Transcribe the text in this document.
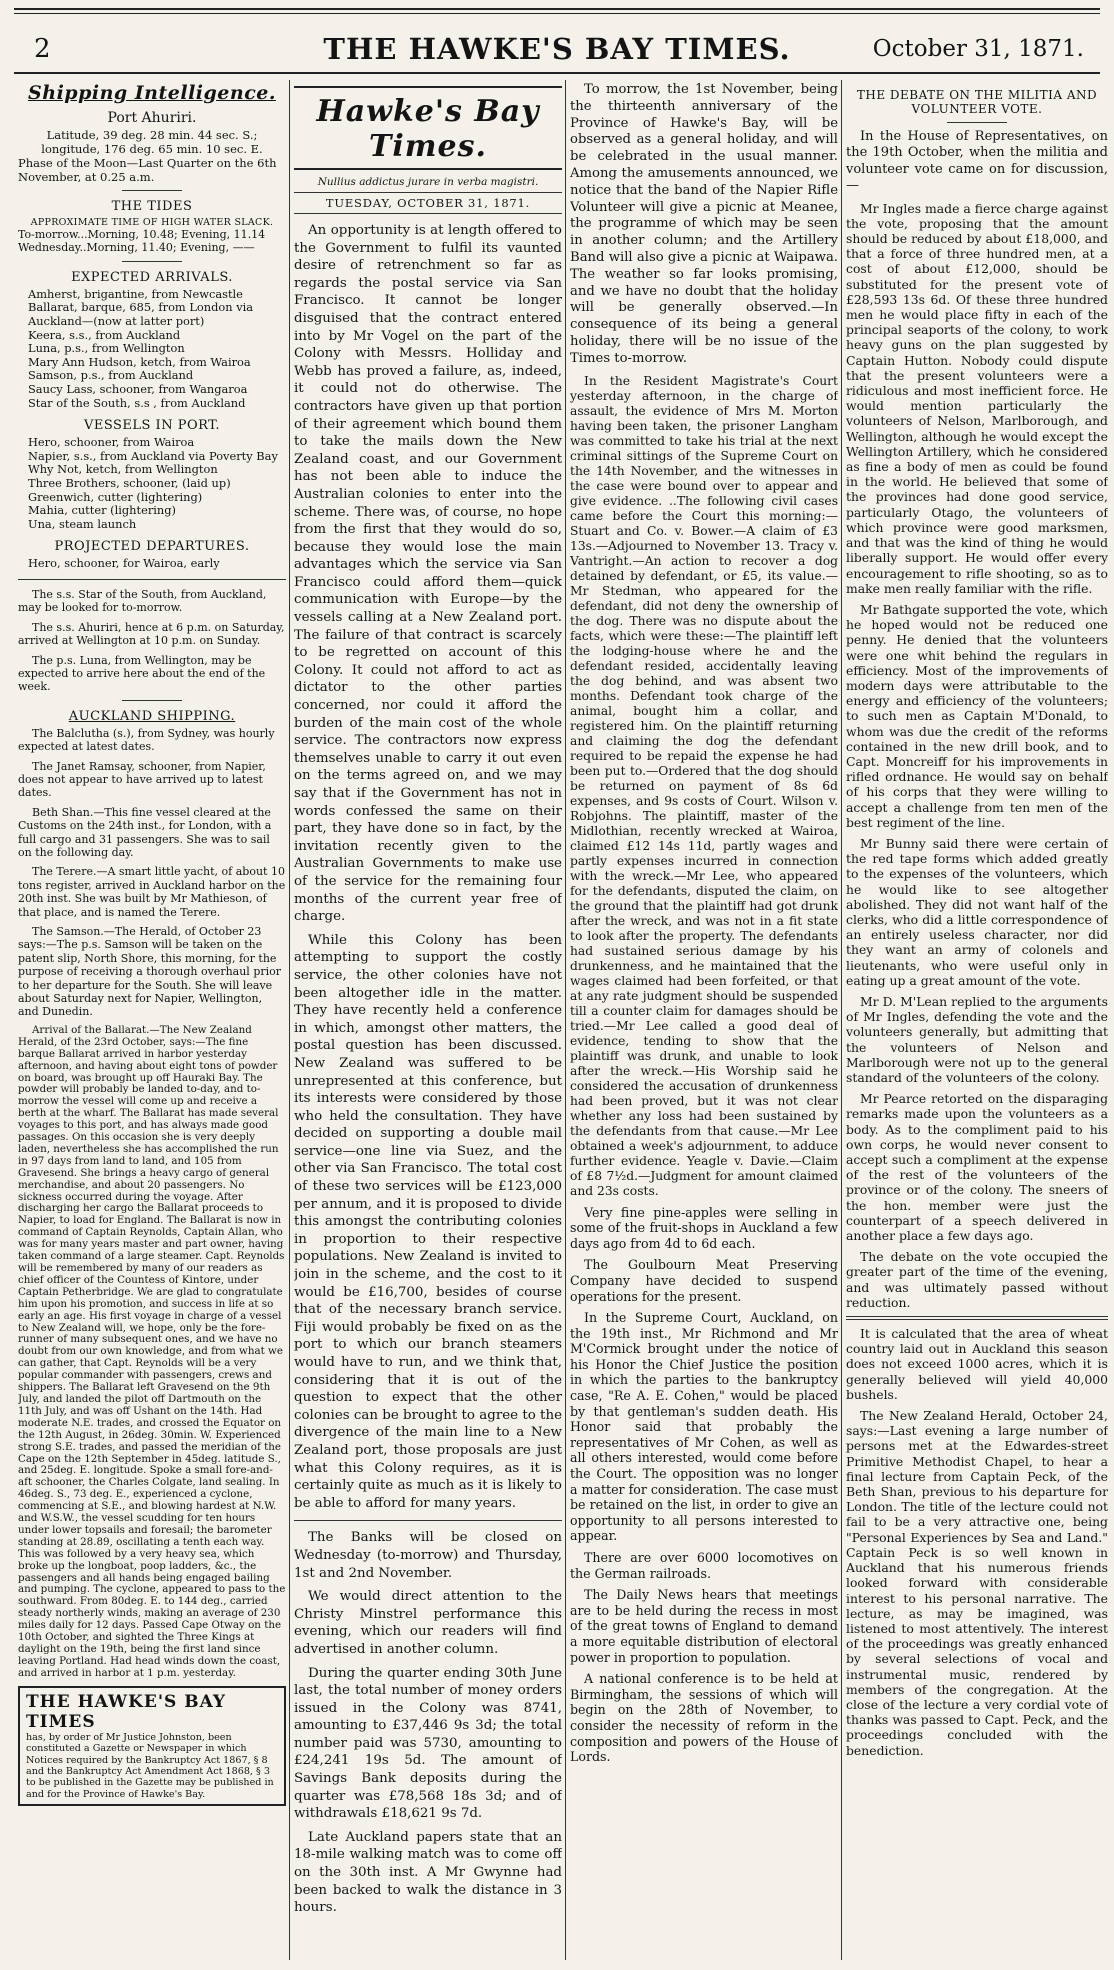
2	THE HAWKE'S BAY TIMES.	October 31, 1871.
Shipping Intelligence.
Port Ahuriri.
Latitude, 39 deg. 28 min. 44 sec. S.; longitude, 176 deg. 65 min. 10 sec. E.
Phase of the Moon—Last Quarter on the 6th November, at 0.25 a.m.
THE TIDES
APPROXIMATE TIME OF HIGH WATER SLACK.
To-morrow...Morning, 10.48; Evening, 11.14
Wednesday..Morning, 11.40; Evening, ——
EXPECTED ARRIVALS.
Amherst, brigantine, from Newcastle
Ballarat, barque, 685, from London via Auckland—(now at latter port)
Keera, s.s., from Auckland
Luna, p.s., from Wellington
Mary Ann Hudson, ketch, from Wairoa
Samson, p.s., from Auckland
Saucy Lass, schooner, from Wangaroa
Star of the South, s.s , from Auckland
VESSELS IN PORT.
Hero, schooner, from Wairoa
Napier, s.s., from Auckland via Poverty Bay
Why Not, ketch, from Wellington
Three Brothers, schooner, (laid up)
Greenwich, cutter (lightering)
Mahia, cutter (lightering)
Una, steam launch
PROJECTED DEPARTURES.
Hero, schooner, for Wairoa, early
The s.s. Star of the South, from Auckland, may be looked for to-morrow.
The s.s. Ahuriri, hence at 6 p.m. on Saturday, arrived at Wellington at 10 p.m. on Sunday.
The p.s. Luna, from Wellington, may be expected to arrive here about the end of the week.
AUCKLAND SHIPPING.
The Balclutha (s.), from Sydney, was hourly expected at latest dates.
The Janet Ramsay, schooner, from Napier, does not appear to have arrived up to latest dates.
Beth Shan.—This fine vessel cleared at the Customs on the 24th inst., for London, with a full cargo and 31 passengers. She was to sail on the following day.
The Terere.—A smart little yacht, of about 10 tons register, arrived in Auckland harbor on the 20th inst. She was built by Mr Mathieson, of that place, and is named the Terere.
The Samson.—The Herald, of October 23 says:—The p.s. Samson will be taken on the patent slip, North Shore, this morning, for the purpose of receiving a thorough overhaul prior to her departure for the South. She will leave about Saturday next for Napier, Wellington, and Dunedin.
Arrival of the Ballarat.—The New Zealand Herald, of the 23rd October, says:—The fine barque Ballarat arrived in harbor yesterday afternoon, and having about eight tons of powder on board, was brought up off Hauraki Bay. The powder will probably be landed to-day, and to-morrow the vessel will come up and receive a berth at the wharf. The Ballarat has made several voyages to this port, and has always made good passages. On this occasion she is very deeply laden, nevertheless she has accomplished the run in 97 days from land to land, and 105 from Gravesend. She brings a heavy cargo of general merchandise, and about 20 passengers. No sickness occurred during the voyage. After discharging her cargo the Ballarat proceeds to Napier, to load for England. The Ballarat is now in command of Captain Reynolds, Captain Allan, who was for many years master and part owner, having taken command of a large steamer. Capt. Reynolds will be remembered by many of our readers as chief officer of the Countess of Kintore, under Captain Petherbridge. We are glad to congratulate him upon his promotion, and success in life at so early an age. His first voyage in charge of a vessel to New Zealand will, we hope, only be the fore-runner of many subsequent ones, and we have no doubt from our own knowledge, and from what we can gather, that Capt. Reynolds will be a very popular commander with passengers, crews and shippers. The Ballarat left Gravesend on the 9th July, and landed the pilot off Dartmouth on the 11th July, and was off Ushant on the 14th. Had moderate N.E. trades, and crossed the Equator on the 12th August, in 26deg. 30min. W. Experienced strong S.E. trades, and passed the meridian of the Cape on the 12th September in 45deg. latitude S., and 25deg. E. longitude. Spoke a small fore-and-aft schooner, the Charles Colgate, land sealing. In 46deg. S., 73 deg. E., experienced a cyclone, commencing at S.E., and blowing hardest at N.W. and W.S.W., the vessel scudding for ten hours under lower topsails and foresail; the barometer standing at 28.89, oscillating a tenth each way. This was followed by a very heavy sea, which broke up the longboat, poop ladders, &c., the passengers and all hands being engaged bailing and pumping. The cyclone, appeared to pass to the southward. From 80deg. E. to 144 deg., carried steady northerly winds, making an average of 230 miles daily for 12 days. Passed Cape Otway on the 10th October, and sighted the Three Kings at daylight on the 19th, being the first land since leaving Portland. Had head winds down the coast, and arrived in harbor at 1 p.m. yesterday.
THE HAWKE'S BAY TIMES
has, by order of Mr Justice Johnston, been constituted a Gazette or Newspaper in which Notices required by the Bankruptcy Act 1867, § 8 and the Bankruptcy Act Amendment Act 1868, § 3 to be published in the Gazette may be published in and for the Province of Hawke's Bay.
Hawke's Bay Times.
Nullius addictus jurare in verba magistri.
TUESDAY, OCTOBER 31, 1871.
An opportunity is at length offered to the Government to fulfil its vaunted desire of retrenchment so far as regards the postal service via San Francisco. It cannot be longer disguised that the contract entered into by Mr Vogel on the part of the Colony with Messrs. Holliday and Webb has proved a failure, as, indeed, it could not do otherwise. The contractors have given up that portion of their agreement which bound them to take the mails down the New Zealand coast, and our Government has not been able to induce the Australian colonies to enter into the scheme. There was, of course, no hope from the first that they would do so, because they would lose the main advantages which the service via San Francisco could afford them—quick communication with Europe—by the vessels calling at a New Zealand port. The failure of that contract is scarcely to be regretted on account of this Colony. It could not afford to act as dictator to the other parties concerned, nor could it afford the burden of the main cost of the whole service. The contractors now express themselves unable to carry it out even on the terms agreed on, and we may say that if the Government has not in words confessed the same on their part, they have done so in fact, by the invitation recently given to the Australian Governments to make use of the service for the remaining four months of the current year free of charge.
While this Colony has been attempting to support the costly service, the other colonies have not been altogether idle in the matter. They have recently held a conference in which, amongst other matters, the postal question has been discussed. New Zealand was suffered to be unrepresented at this conference, but its interests were considered by those who held the consultation. They have decided on supporting a double mail service—one line via Suez, and the other via San Francisco. The total cost of these two services will be £123,000 per annum, and it is proposed to divide this amongst the contributing colonies in proportion to their respective populations. New Zealand is invited to join in the scheme, and the cost to it would be £16,700, besides of course that of the necessary branch service. Fiji would probably be fixed on as the port to which our branch steamers would have to run, and we think that, considering that it is out of the question to expect that the other colonies can be brought to agree to the divergence of the main line to a New Zealand port, those proposals are just what this Colony requires, as it is certainly quite as much as it is likely to be able to afford for many years.
The Banks will be closed on Wednesday (to-morrow) and Thursday, 1st and 2nd November.
We would direct attention to the Christy Minstrel performance this evening, which our readers will find advertised in another column.
During the quarter ending 30th June last, the total number of money orders issued in the Colony was 8741, amounting to £37,446 9s 3d; the total number paid was 5730, amounting to £24,241 19s 5d. The amount of Savings Bank deposits during the quarter was £78,568 18s 3d; and of withdrawals £18,621 9s 7d.
Late Auckland papers state that an 18-mile walking match was to come off on the 30th inst. A Mr Gwynne had been backed to walk the distance in 3 hours.
To morrow, the 1st November, being the thirteenth anniversary of the Province of Hawke's Bay, will be observed as a general holiday, and will be celebrated in the usual manner. Among the amusements announced, we notice that the band of the Napier Rifle Volunteer will give a picnic at Meanee, the programme of which may be seen in another column; and the Artillery Band will also give a picnic at Waipawa. The weather so far looks promising, and we have no doubt that the holiday will be generally observed.—In consequence of its being a general holiday, there will be no issue of the Times to-morrow.
In the Resident Magistrate's Court yesterday afternoon, in the charge of assault, the evidence of Mrs M. Morton having been taken, the prisoner Langham was committed to take his trial at the next criminal sittings of the Supreme Court on the 14th November, and the witnesses in the case were bound over to appear and give evidence. ..The following civil cases came before the Court this morning:—Stuart and Co. v. Bower.—A claim of £3 13s.—Adjourned to November 13. Tracy v. Vantright.—An action to recover a dog detained by defendant, or £5, its value.—Mr Stedman, who appeared for the defendant, did not deny the ownership of the dog. There was no dispute about the facts, which were these:—The plaintiff left the lodging-house where he and the defendant resided, accidentally leaving the dog behind, and was absent two months. Defendant took charge of the animal, bought him a collar, and registered him. On the plaintiff returning and claiming the dog the defendant required to be repaid the expense he had been put to.—Ordered that the dog should be returned on payment of 8s 6d expenses, and 9s costs of Court. Wilson v. Robjohns. The plaintiff, master of the Midlothian, recently wrecked at Wairoa, claimed £12 14s 11d, partly wages and partly expenses incurred in connection with the wreck.—Mr Lee, who appeared for the defendants, disputed the claim, on the ground that the plaintiff had got drunk after the wreck, and was not in a fit state to look after the property. The defendants had sustained serious damage by his drunkenness, and he maintained that the wages claimed had been forfeited, or that at any rate judgment should be suspended till a counter claim for damages should be tried.—Mr Lee called a good deal of evidence, tending to show that the plaintiff was drunk, and unable to look after the wreck.—His Worship said he considered the accusation of drunkenness had been proved, but it was not clear whether any loss had been sustained by the defendants from that cause.—Mr Lee obtained a week's adjournment, to adduce further evidence. Yeagle v. Davie.—Claim of £8 7½d.—Judgment for amount claimed and 23s costs.
Very fine pine-apples were selling in some of the fruit-shops in Auckland a few days ago from 4d to 6d each.
The Goulbourn Meat Preserving Company have decided to suspend operations for the present.
In the Supreme Court, Auckland, on the 19th inst., Mr Richmond and Mr M'Cormick brought under the notice of his Honor the Chief Justice the position in which the parties to the bankruptcy case, "Re A. E. Cohen," would be placed by that gentleman's sudden death. His Honor said that probably the representatives of Mr Cohen, as well as all others interested, would come before the Court. The opposition was no longer a matter for consideration. The case must be retained on the list, in order to give an opportunity to all persons interested to appear.
There are over 6000 locomotives on the German railroads.
The Daily News hears that meetings are to be held during the recess in most of the great towns of England to demand a more equitable distribution of electoral power in proportion to population.
A national conference is to be held at Birmingham, the sessions of which will begin on the 28th of November, to consider the necessity of reform in the composition and powers of the House of Lords.
THE DEBATE ON THE MILITIA AND VOLUNTEER VOTE.
In the House of Representatives, on the 19th October, when the militia and volunteer vote came on for discussion,—
Mr Ingles made a fierce charge against the vote, proposing that the amount should be reduced by about £18,000, and that a force of three hundred men, at a cost of about £12,000, should be substituted for the present vote of £28,593 13s 6d. Of these three hundred men he would place fifty in each of the principal seaports of the colony, to work heavy guns on the plan suggested by Captain Hutton. Nobody could dispute that the present volunteers were a ridiculous and most inefficient force. He would mention particularly the volunteers of Nelson, Marlborough, and Wellington, although he would except the Wellington Artillery, which he considered as fine a body of men as could be found in the world. He believed that some of the provinces had done good service, particularly Otago, the volunteers of which province were good marksmen, and that was the kind of thing he would liberally support. He would offer every encouragement to rifle shooting, so as to make men really familiar with the rifle.
Mr Bathgate supported the vote, which he hoped would not be reduced one penny. He denied that the volunteers were one whit behind the regulars in efficiency. Most of the improvements of modern days were attributable to the energy and efficiency of the volunteers; to such men as Captain M'Donald, to whom was due the credit of the reforms contained in the new drill book, and to Capt. Moncreiff for his improvements in rifled ordnance. He would say on behalf of his corps that they were willing to accept a challenge from ten men of the best regiment of the line.
Mr Bunny said there were certain of the red tape forms which added greatly to the expenses of the volunteers, which he would like to see altogether abolished. They did not want half of the clerks, who did a little correspondence of an entirely useless character, nor did they want an army of colonels and lieutenants, who were useful only in eating up a great amount of the vote.
Mr D. M'Lean replied to the arguments of Mr Ingles, defending the vote and the volunteers generally, but admitting that the volunteers of Nelson and Marlborough were not up to the general standard of the volunteers of the colony.
Mr Pearce retorted on the disparaging remarks made upon the volunteers as a body. As to the compliment paid to his own corps, he would never consent to accept such a compliment at the expense of the rest of the volunteers of the province or of the colony. The sneers of the hon. member were just the counterpart of a speech delivered in another place a few days ago.
The debate on the vote occupied the greater part of the time of the evening, and was ultimately passed without reduction.
It is calculated that the area of wheat country laid out in Auckland this season does not exceed 1000 acres, which it is generally believed will yield 40,000 bushels.
The New Zealand Herald, October 24, says:—Last evening a large number of persons met at the Edwardes-street Primitive Methodist Chapel, to hear a final lecture from Captain Peck, of the Beth Shan, previous to his departure for London. The title of the lecture could not fail to be a very attractive one, being "Personal Experiences by Sea and Land." Captain Peck is so well known in Auckland that his numerous friends looked forward with considerable interest to his personal narrative. The lecture, as may be imagined, was listened to most attentively. The interest of the proceedings was greatly enhanced by several selections of vocal and instrumental music, rendered by members of the congregation. At the close of the lecture a very cordial vote of thanks was passed to Capt. Peck, and the proceedings concluded with the benediction.
